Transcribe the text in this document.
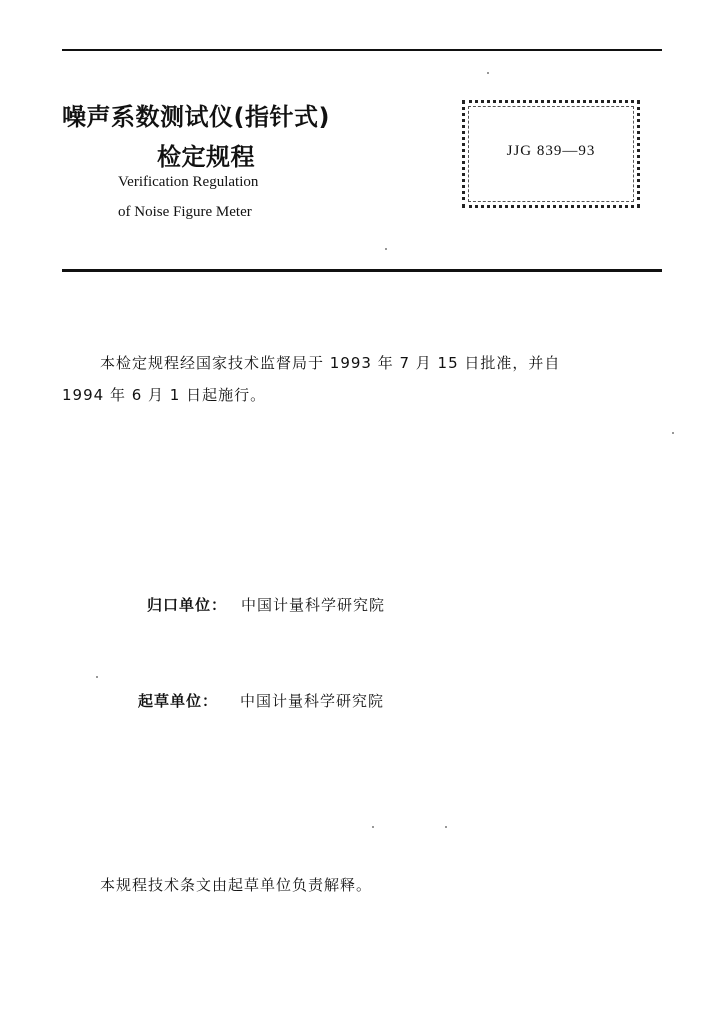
噪声系数测试仪(指针式)
检定规程
Verification Regulation
of Noise Figure Meter
JJG 839—93
本检定规程经国家技术监督局于 1993 年 7 月 15 日批准，并自
1994 年 6 月 1 日起施行。
归口单位： 中国计量科学研究院
起草单位： 中国计量科学研究院
本规程技术条文由起草单位负责解释。
